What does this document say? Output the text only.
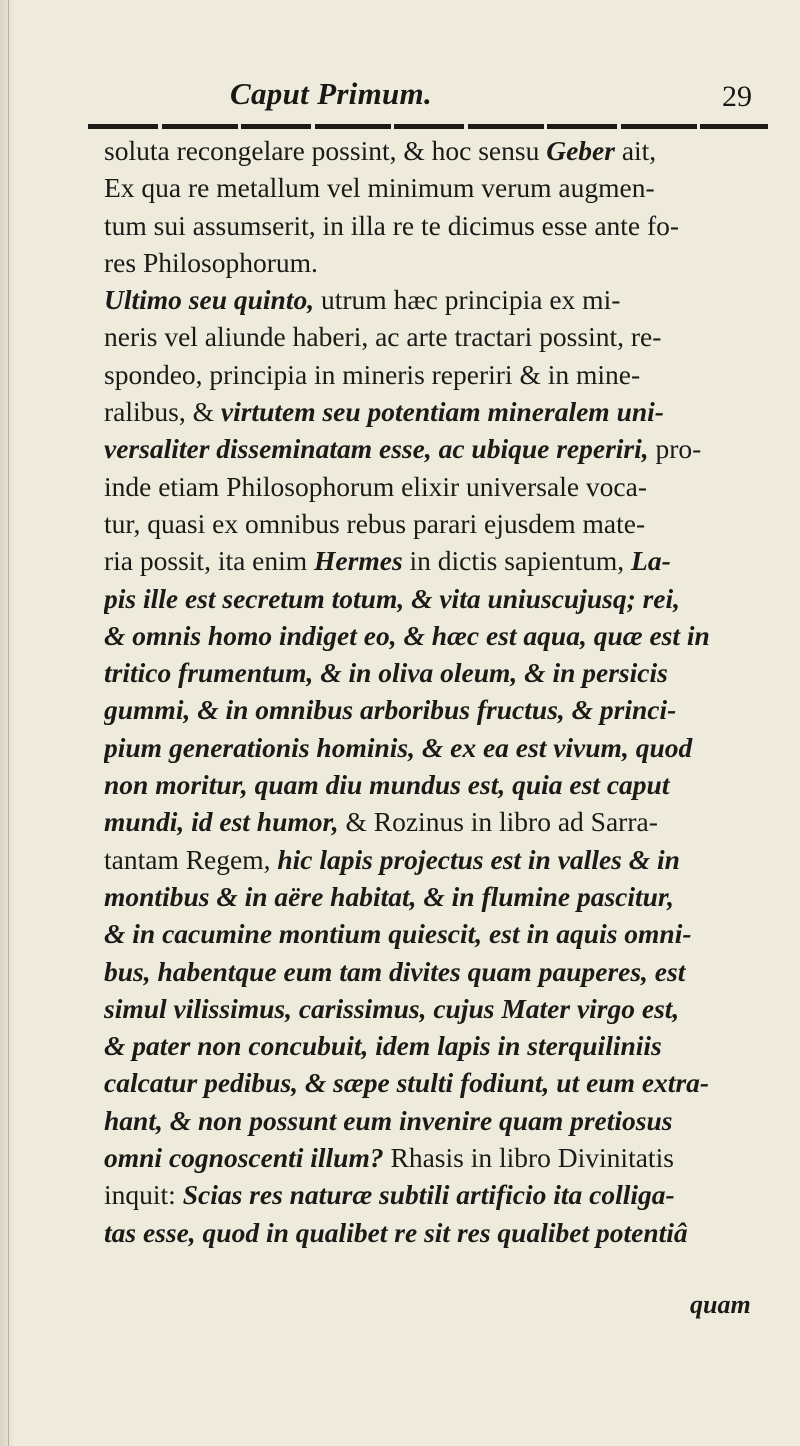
Caput Primum.	29
soluta recongelare possint, & hoc sensu Geber ait,
Ex qua re metallum vel minimum verum augmen-
tum sui assumserit, in illa re te dicimus esse ante fo-
res Philosophorum.
Ultimo seu quinto, utrum hæc principia ex mi-
neris vel aliunde haberi, ac arte tractari possint, re-
spondeo, principia in mineris reperiri & in mine-
ralibus, & virtutem seu potentiam mineralem uni-
versaliter disseminatam esse, ac ubique reperiri, pro-
inde etiam Philosophorum elixir universale voca-
tur, quasi ex omnibus rebus parari ejusdem mate-
ria possit, ita enim Hermes in dictis sapientum, La-
pis ille est secretum totum, & vita uniuscujusq; rei,
& omnis homo indiget eo, & hæc est aqua, quæ est in
tritico frumentum, & in oliva oleum, & in persicis
gummi, & in omnibus arboribus fructus, & princi-
pium generationis hominis, & ex ea est vivum, quod
non moritur, quam diu mundus est, quia est caput
mundi, id est humor, & Rozinus in libro ad Sarra-
tantam Regem, hic lapis projectus est in valles & in
montibus & in aëre habitat, & in flumine pascitur,
& in cacumine montium quiescit, est in aquis omni-
bus, habentque eum tam divites quam pauperes, est
simul vilissimus, carissimus, cujus Mater virgo est,
& pater non concubuit, idem lapis in sterquiliniis
calcatur pedibus, & sæpe stulti fodiunt, ut eum extra-
hant, & non possunt eum invenire quam pretiosus
omni cognoscenti illum? Rhasis in libro Divinitatis
inquit: Scias res naturæ subtili artificio ita colliga-
tas esse, quod in qualibet re sit res qualibet potentiâ
quam
